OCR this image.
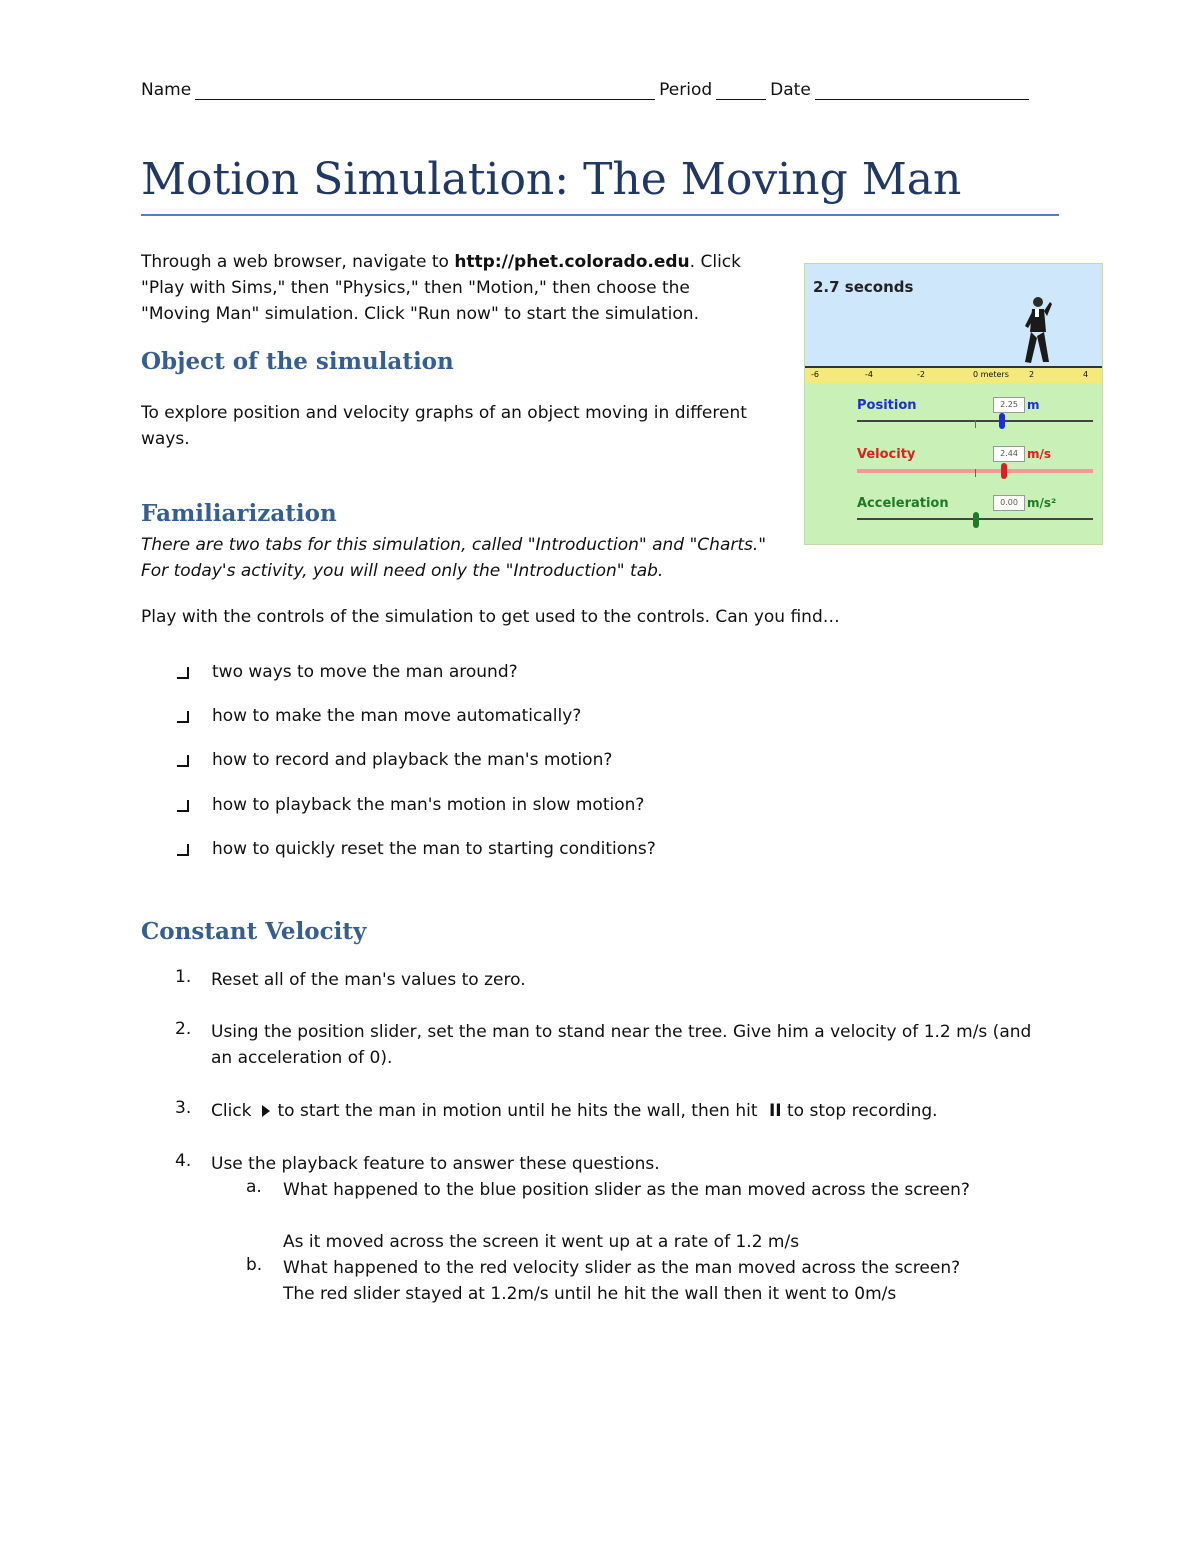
Name	Period	Date
Motion Simulation: The Moving Man
Through a web browser, navigate to http://phet.colorado.edu. Click
"Play with Sims," then "Physics," then "Motion," then choose the
"Moving Man" simulation. Click "Run now" to start the simulation.
Object of the simulation
To explore position and velocity graphs of an object moving in different
ways.
Familiarization
There are two tabs for this simulation, called "Introduction" and "Charts."
For today's activity, you will need only the "Introduction" tab.
Play with the controls of the simulation to get used to the controls. Can you find…
two ways to move the man around?
how to make the man move automatically?
how to record and playback the man's motion?
how to playback the man's motion in slow motion?
how to quickly reset the man to starting conditions?
Constant Velocity
1. Reset all of the man's values to zero.
2. Using the position slider, set the man to stand near the tree. Give him a velocity of 1.2 m/s (and
an acceleration of 0).
3. Click to start the man in motion until he hits the wall, then hit II to stop recording.
4. Use the playback feature to answer these questions.
a. What happened to the blue position slider as the man moved across the screen?
As it moved across the screen it went up at a rate of 1.2 m/s
b. What happened to the red velocity slider as the man moved across the screen?
The red slider stayed at 1.2m/s until he hit the wall then it went to 0m/s
2.7 seconds
-6	-4	-2	0 meters	2	4
Position	2.25 m
Velocity	2.44 m/s
Acceleration	0.00 m/s²
